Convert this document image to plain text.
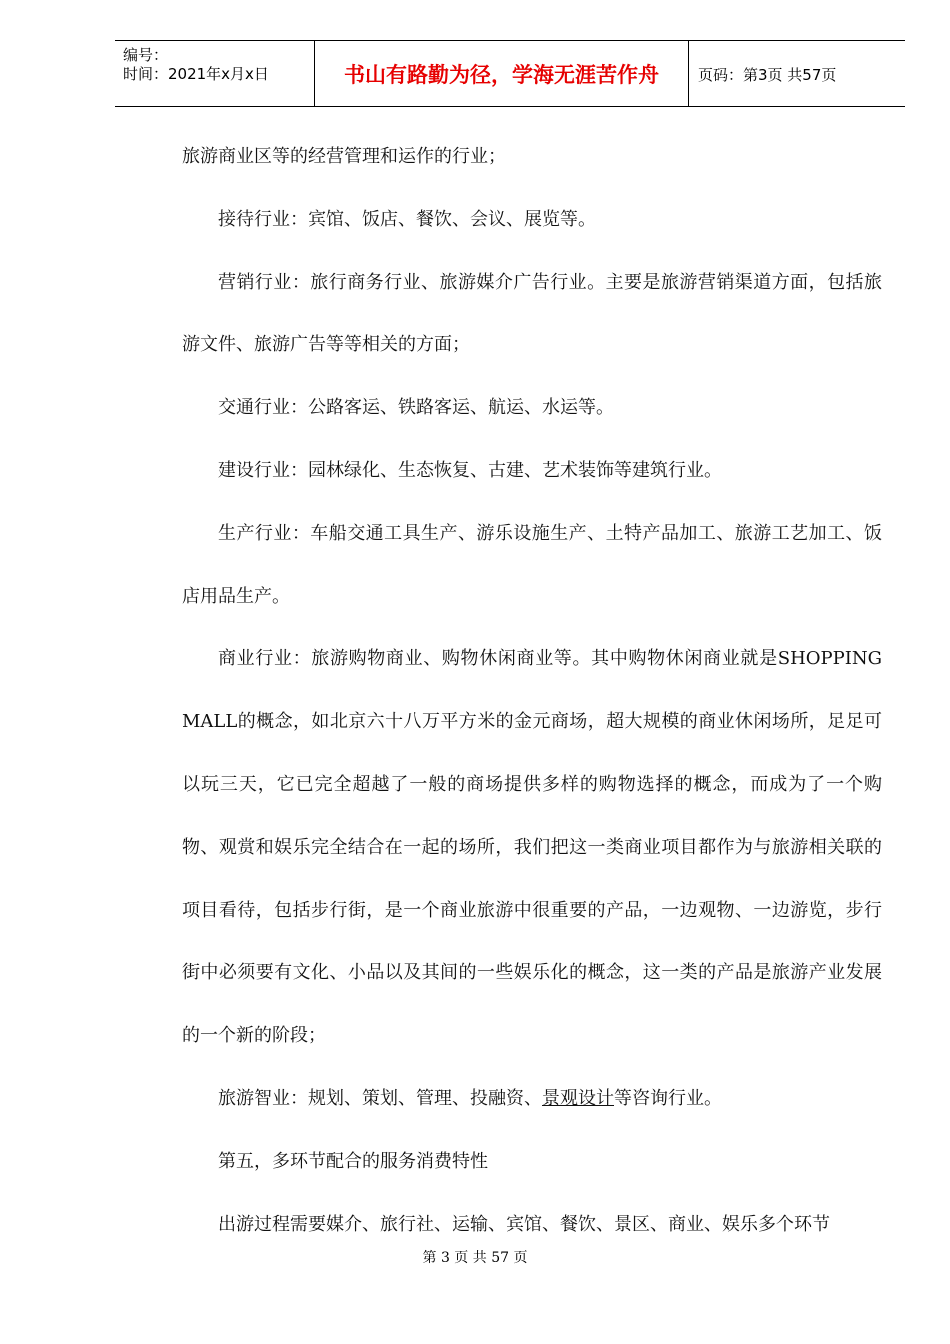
编号：
时间：2021年x月x日	书山有路勤为径，学海无涯苦作舟	页码：第3页 共57页

旅游商业区等的经营管理和运作的行业；

接待行业：宾馆、饭店、餐饮、会议、展览等。

营销行业：旅行商务行业、旅游媒介广告行业。主要是旅游营销渠道方面，包括旅游文件、旅游广告等等相关的方面；

交通行业：公路客运、铁路客运、航运、水运等。

建设行业：园林绿化、生态恢复、古建、艺术装饰等建筑行业。

生产行业：车船交通工具生产、游乐设施生产、土特产品加工、旅游工艺加工、饭店用品生产。

商业行业：旅游购物商业、购物休闲商业等。其中购物休闲商业就是SHOPPING MALL的概念，如北京六十八万平方米的金元商场，超大规模的商业休闲场所，足足可以玩三天，它已完全超越了一般的商场提供多样的购物选择的概念，而成为了一个购物、观赏和娱乐完全结合在一起的场所，我们把这一类商业项目都作为与旅游相关联的项目看待，包括步行街，是一个商业旅游中很重要的产品，一边观物、一边游览，步行街中必须要有文化、小品以及其间的一些娱乐化的概念，这一类的产品是旅游产业发展的一个新的阶段；

旅游智业：规划、策划、管理、投融资、景观设计等咨询行业。

第五，多环节配合的服务消费特性

出游过程需要媒介、旅行社、运输、宾馆、餐饮、景区、商业、娱乐多个环节

第 3 页 共 57 页
